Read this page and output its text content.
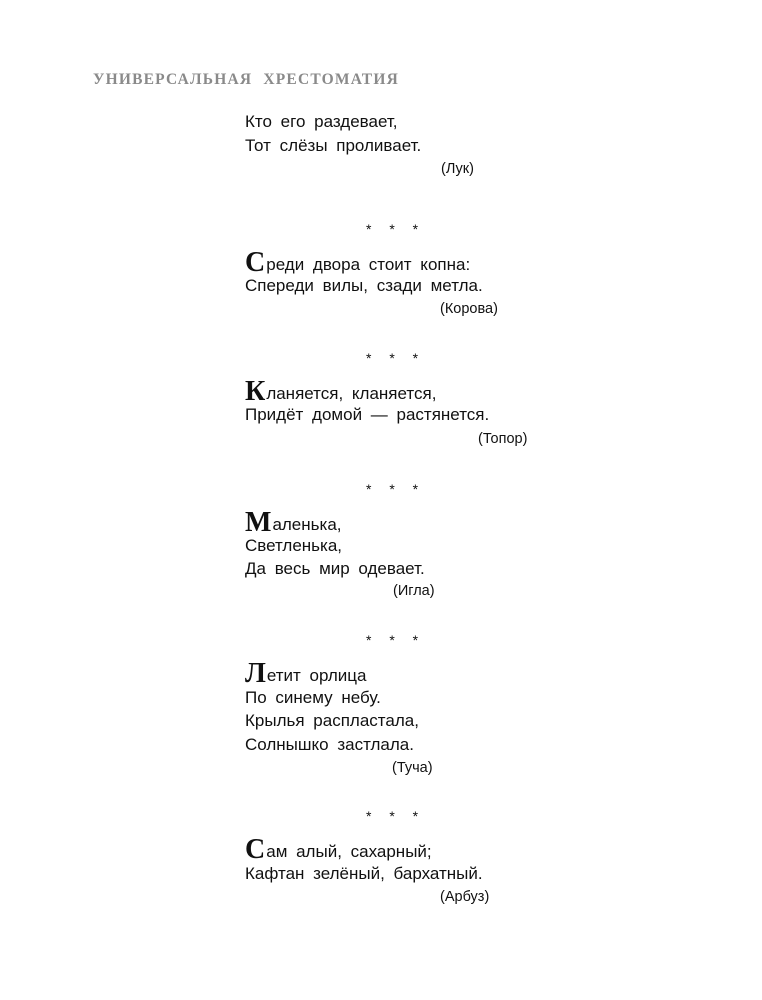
УНИВЕРСАЛЬНАЯ ХРЕСТОМАТИЯ
Кто его раздевает,
Тот слёзы проливает.
(Лук)
* * *
Среди двора стоит копна:
Спереди вилы, сзади метла.
(Корова)
* * *
Кланяется, кланяется,
Придёт домой — растянется.
(Топор)
* * *
Маленька,
Светленька,
Да весь мир одевает.
(Игла)
* * *
Летит орлица
По синему небу.
Крылья распластала,
Солнышко застлала.
(Туча)
* * *
Сам алый, сахарный;
Кафтан зелёный, бархатный.
(Арбуз)
